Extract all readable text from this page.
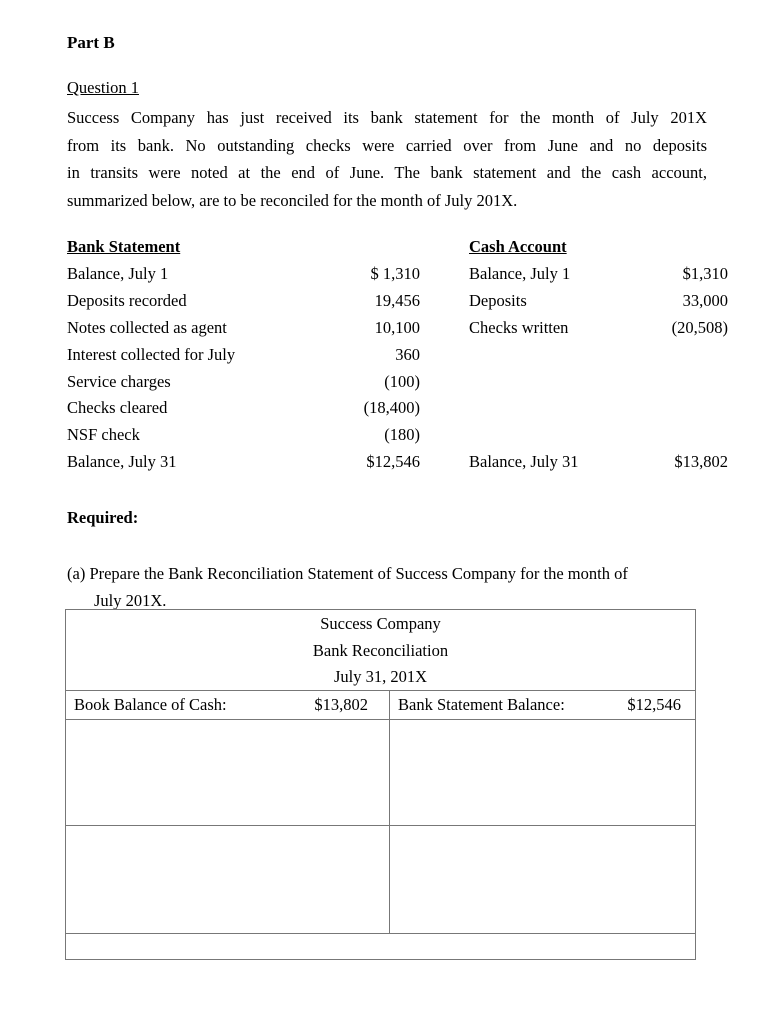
Part B
Question 1
Success Company has just received its bank statement for the month of July 201X
from its bank. No outstanding checks were carried over from June and no deposits
in transits were noted at the end of June. The bank statement and the cash account,
summarized below, are to be reconciled for the month of July 201X.
Bank Statement
Balance, July 1	$ 1,310
Deposits recorded	19,456
Notes collected as agent	10,100
Interest collected for July	360
Service charges	(100)
Checks cleared	(18,400)
NSF check	(180)
Balance, July 31	$12,546
Cash Account
Balance, July 1	$1,310
Deposits	33,000
Checks written	(20,508)
Balance, July 31	$13,802
Required:
(a) Prepare the Bank Reconciliation Statement of Success Company for the month of
July 201X.
Success Company
Bank Reconciliation
July 31, 201X
Book Balance of Cash:	$13,802 Bank Statement Balance:	$12,546
